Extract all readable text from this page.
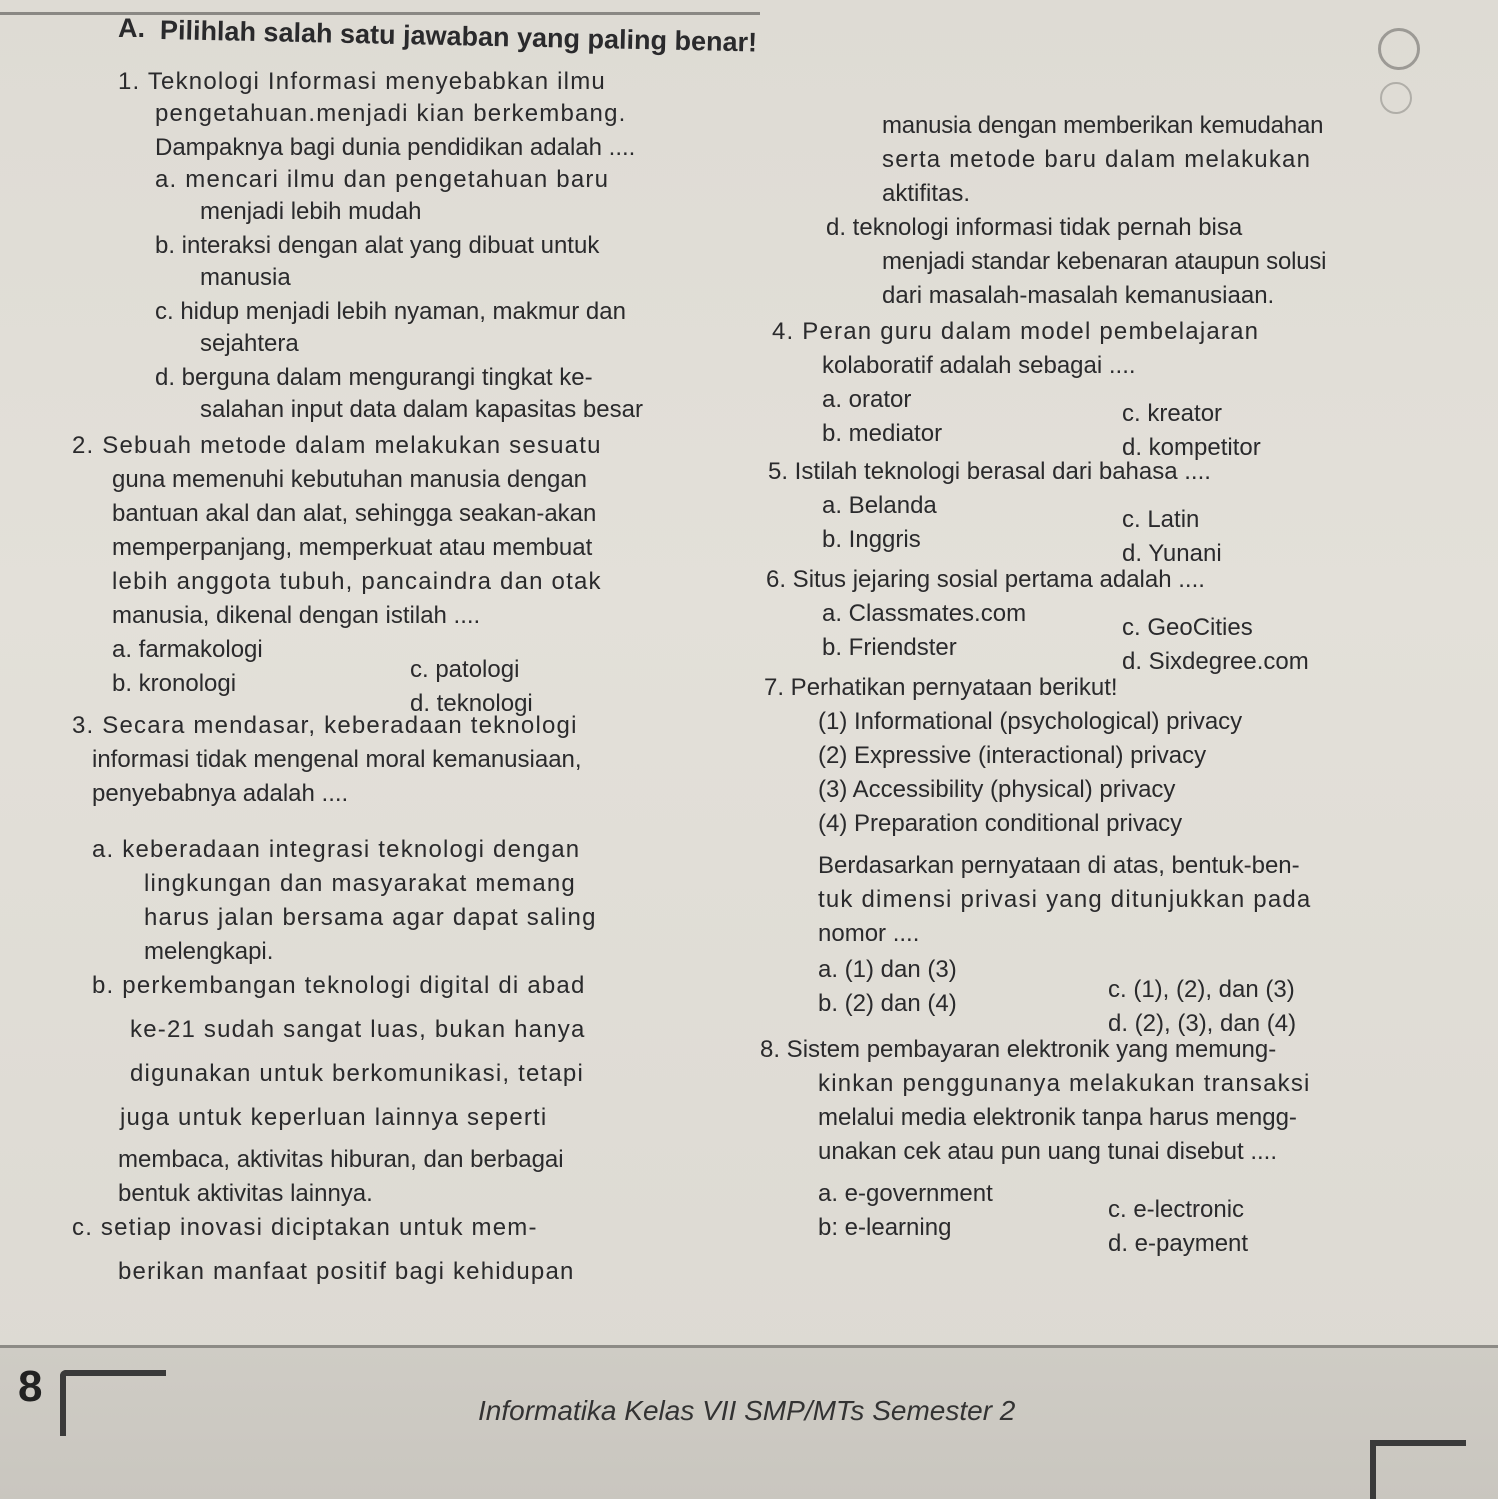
A. Pilihlah salah satu jawaban yang paling benar!
1. Teknologi Informasi menyebabkan ilmu
pengetahuan.menjadi kian berkembang.
Dampaknya bagi dunia pendidikan adalah ....
a. mencari ilmu dan pengetahuan baru
menjadi lebih mudah
b. interaksi dengan alat yang dibuat untuk
manusia
c. hidup menjadi lebih nyaman, makmur dan
sejahtera
d. berguna dalam mengurangi tingkat ke-
salahan input data dalam kapasitas besar
2. Sebuah metode dalam melakukan sesuatu
guna memenuhi kebutuhan manusia dengan
bantuan akal dan alat, sehingga seakan-akan
memperpanjang, memperkuat atau membuat
lebih anggota tubuh, pancaindra dan otak
manusia, dikenal dengan istilah ....
a. farmakologi
c. patologi
b. kronologi
d. teknologi
3. Secara mendasar, keberadaan teknologi
informasi tidak mengenal moral kemanusiaan,
penyebabnya adalah ....
a. keberadaan integrasi teknologi dengan
lingkungan dan masyarakat memang
harus jalan bersama agar dapat saling
melengkapi.
b. perkembangan teknologi digital di abad
ke-21 sudah sangat luas, bukan hanya
digunakan untuk berkomunikasi, tetapi
juga untuk keperluan lainnya seperti
membaca, aktivitas hiburan, dan berbagai
bentuk aktivitas lainnya.
c. setiap inovasi diciptakan untuk mem-
berikan manfaat positif bagi kehidupan
manusia dengan memberikan kemudahan
serta metode baru dalam melakukan
aktifitas.
d. teknologi informasi tidak pernah bisa
menjadi standar kebenaran ataupun solusi
dari masalah-masalah kemanusiaan.
4. Peran guru dalam model pembelajaran
kolaboratif adalah sebagai ....
a. orator
c. kreator
b. mediator
d. kompetitor
5. Istilah teknologi berasal dari bahasa ....
a. Belanda
c. Latin
b. Inggris
d. Yunani
6. Situs jejaring sosial pertama adalah ....
a. Classmates.com
c. GeoCities
b. Friendster
d. Sixdegree.com
7. Perhatikan pernyataan berikut!
(1) Informational (psychological) privacy
(2) Expressive (interactional) privacy
(3) Accessibility (physical) privacy
(4) Preparation conditional privacy
Berdasarkan pernyataan di atas, bentuk-ben-
tuk dimensi privasi yang ditunjukkan pada
nomor ....
a. (1) dan (3)
c. (1), (2), dan (3)
b. (2) dan (4)
d. (2), (3), dan (4)
8. Sistem pembayaran elektronik yang memung-
kinkan penggunanya melakukan transaksi
melalui media elektronik tanpa harus mengg-
unakan cek atau pun uang tunai disebut ....
a. e-government
c. e-lectronic
b: e-learning
d. e-payment
8	Informatika Kelas VII SMP/MTs Semester 2
